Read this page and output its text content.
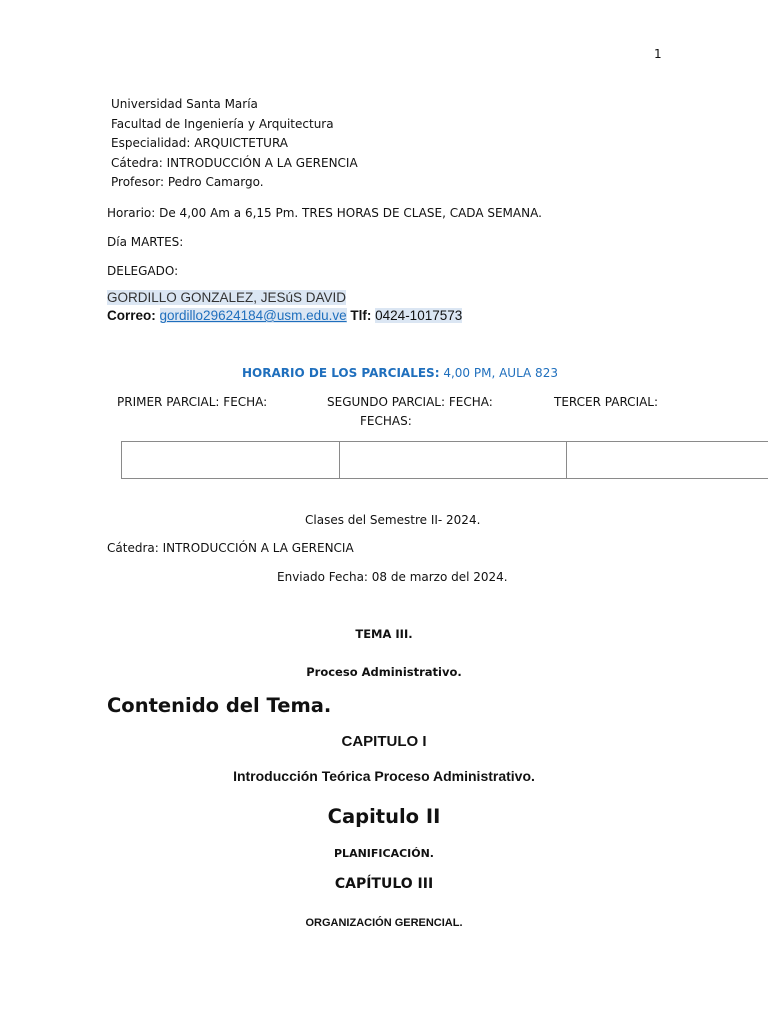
1
Universidad Santa María
Facultad de Ingeniería y Arquitectura
Especialidad: ARQUICTETURA
Cátedra: INTRODUCCIÓN A LA GERENCIA
Profesor: Pedro Camargo.
Horario: De 4,00 Am a 6,15 Pm. TRES HORAS DE CLASE, CADA SEMANA.
Día MARTES:
DELEGADO:
GORDILLO GONZALEZ, JESúS DAVID
Correo: gordillo29624184@usm.edu.ve Tlf: 0424-1017573
HORARIO DE LOS PARCIALES: 4,00 PM, AULA 823
PRIMER PARCIAL: FECHA:	SEGUNDO PARCIAL: FECHA:	TERCER PARCIAL:
FECHAS:
Clases del Semestre II- 2024.
Cátedra: INTRODUCCIÓN A LA GERENCIA
Enviado Fecha: 08 de marzo del 2024.
TEMA III.
Proceso Administrativo.
Contenido del Tema.
CAPITULO I
Introducción Teórica Proceso Administrativo.
Capitulo II
PLANIFICACIÓN.
CAPÍTULO III
ORGANIZACIÓN GERENCIAL.
